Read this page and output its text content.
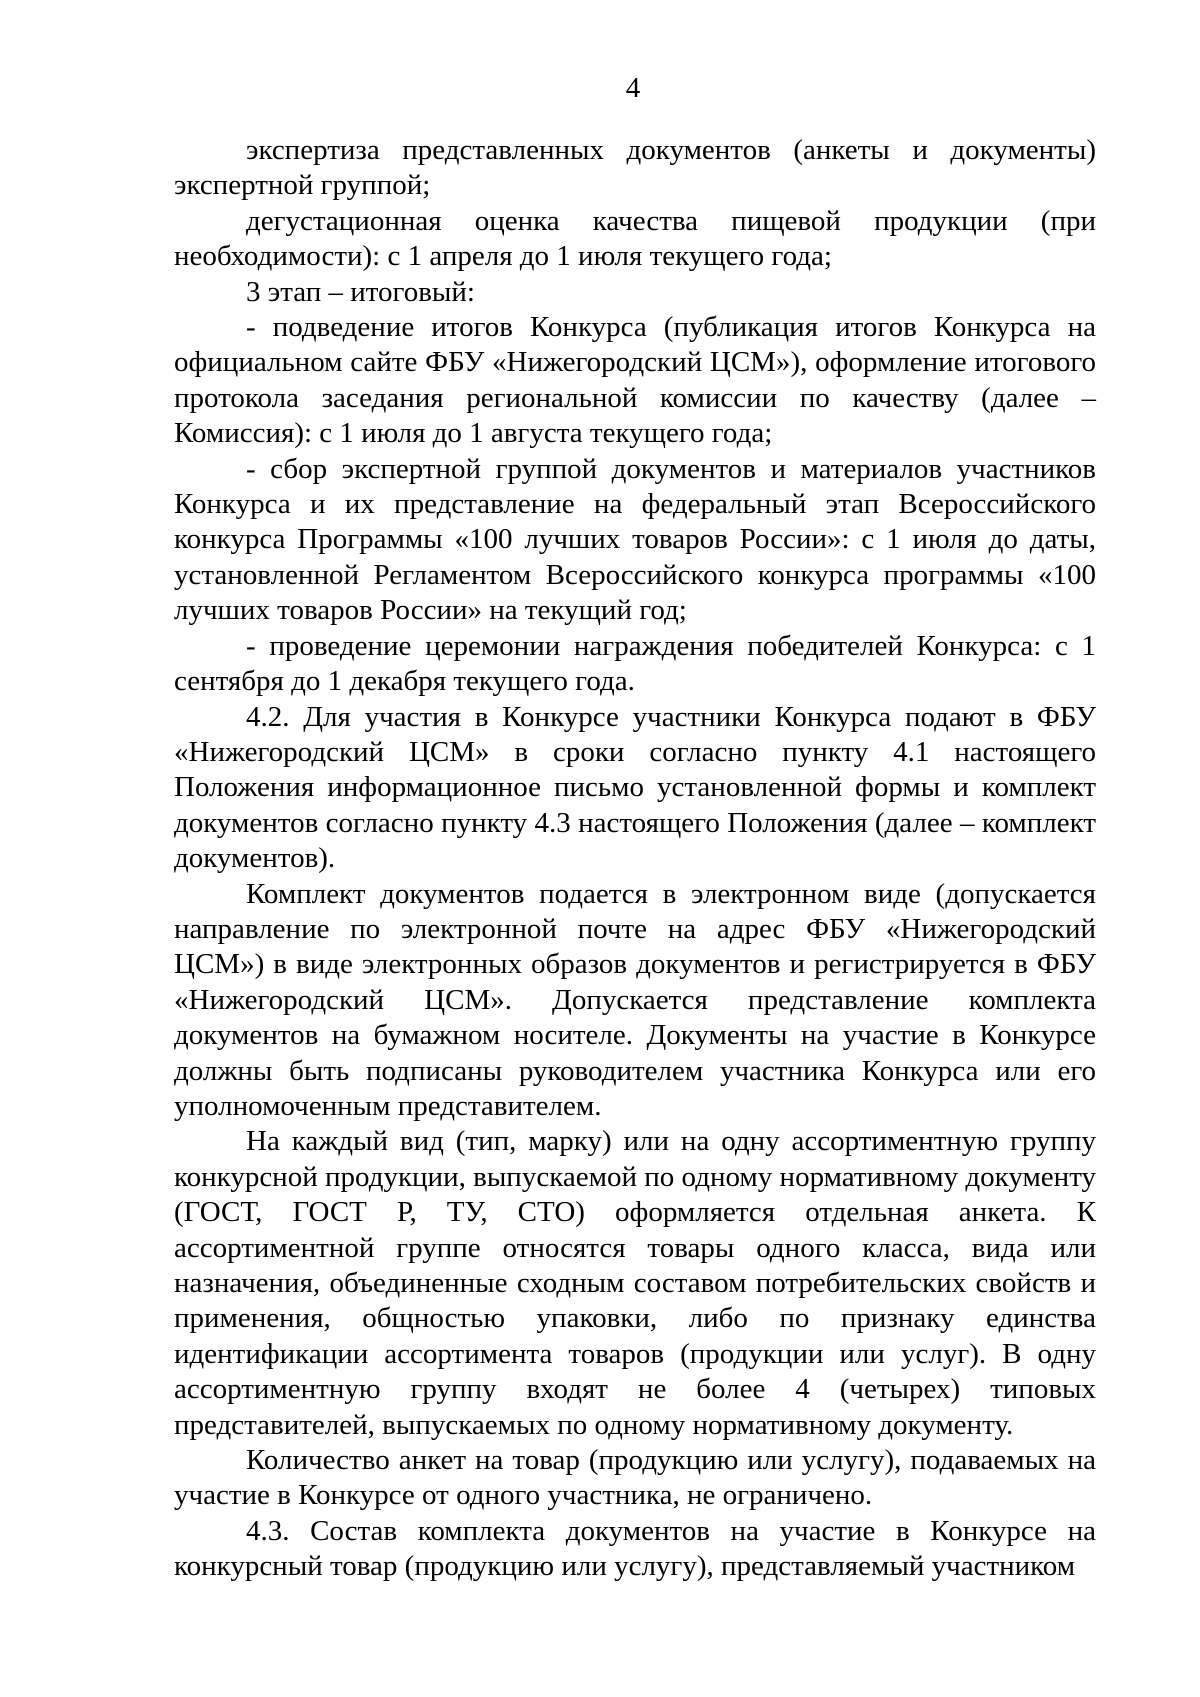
4

экспертиза представленных документов (анкеты и документы) экспертной группой;

дегустационная оценка качества пищевой продукции (при необходимости): с 1 апреля до 1 июля текущего года;

3 этап – итоговый:

- подведение итогов Конкурса (публикация итогов Конкурса на официальном сайте ФБУ «Нижегородский ЦСМ»), оформление итогового протокола заседания региональной комиссии по качеству (далее – Комиссия): с 1 июля до 1 августа текущего года;

- сбор экспертной группой документов и материалов участников Конкурса и их представление на федеральный этап Всероссийского конкурса Программы «100 лучших товаров России»: с 1 июля до даты, установленной Регламентом Всероссийского конкурса программы «100 лучших товаров России» на текущий год;

- проведение церемонии награждения победителей Конкурса: с 1 сентября до 1 декабря текущего года.

4.2. Для участия в Конкурсе участники Конкурса подают в ФБУ «Нижегородский ЦСМ» в сроки согласно пункту 4.1 настоящего Положения информационное письмо установленной формы и комплект документов согласно пункту 4.3 настоящего Положения (далее – комплект документов).

Комплект документов подается в электронном виде (допускается направление по электронной почте на адрес ФБУ «Нижегородский ЦСМ») в виде электронных образов документов и регистрируется в ФБУ «Нижегородский ЦСМ». Допускается представление комплекта документов на бумажном носителе. Документы на участие в Конкурсе должны быть подписаны руководителем участника Конкурса или его уполномоченным представителем.

На каждый вид (тип, марку) или на одну ассортиментную группу конкурсной продукции, выпускаемой по одному нормативному документу (ГОСТ, ГОСТ Р, ТУ, СТО) оформляется отдельная анкета. К ассортиментной группе относятся товары одного класса, вида или назначения, объединенные сходным составом потребительских свойств и применения, общностью упаковки, либо по признаку единства идентификации ассортимента товаров (продукции или услуг). В одну ассортиментную группу входят не более 4 (четырех) типовых представителей, выпускаемых по одному нормативному документу.

Количество анкет на товар (продукцию или услугу), подаваемых на участие в Конкурсе от одного участника, не ограничено.

4.3. Состав комплекта документов на участие в Конкурсе на конкурсный товар (продукцию или услугу), представляемый участником
